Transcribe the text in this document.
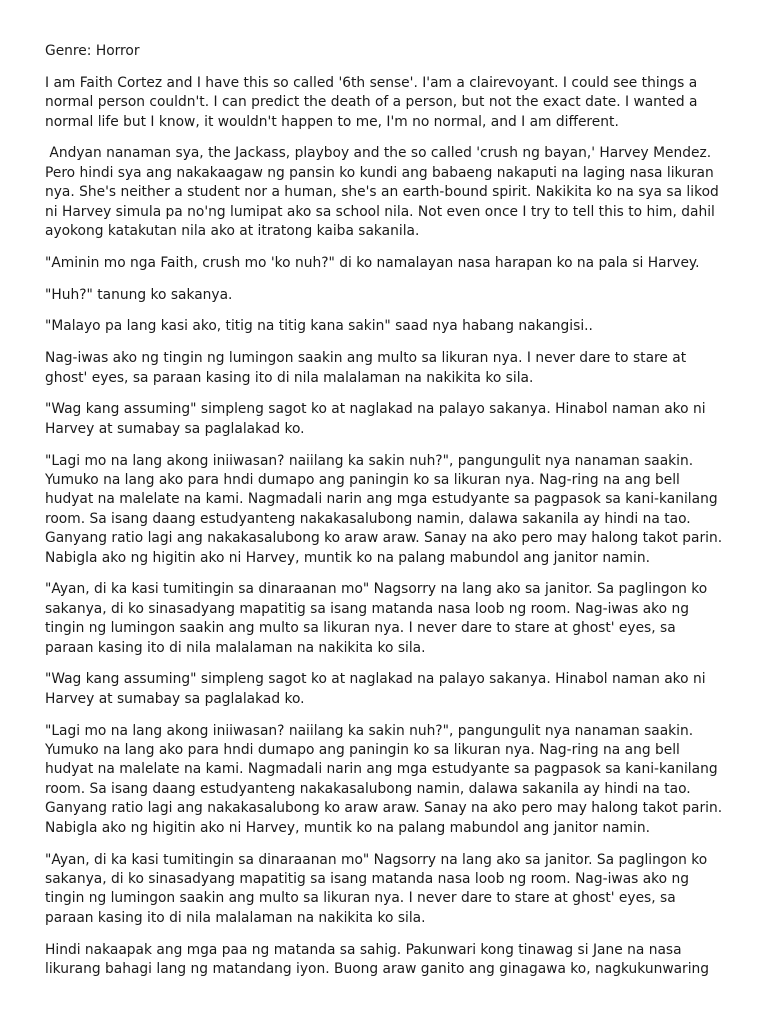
Genre: Horror

I am Faith Cortez and I have this so called '6th sense'. I'am a clairevoyant. I could see things a
normal person couldn't. I can predict the death of a person, but not the exact date. I wanted a
normal life but I know, it wouldn't happen to me, I'm no normal, and I am different.

Andyan nanaman sya, the Jackass, playboy and the so called 'crush ng bayan,' Harvey Mendez.
Pero hindi sya ang nakakaagaw ng pansin ko kundi ang babaeng nakaputi na laging nasa likuran
nya. She's neither a student nor a human, she's an earth-bound spirit. Nakikita ko na sya sa likod
ni Harvey simula pa no'ng lumipat ako sa school nila. Not even once I try to tell this to him, dahil
ayokong katakutan nila ako at itratong kaiba sakanila.

"Aminin mo nga Faith, crush mo 'ko nuh?" di ko namalayan nasa harapan ko na pala si Harvey.

"Huh?" tanung ko sakanya.

"Malayo pa lang kasi ako, titig na titig kana sakin" saad nya habang nakangisi..

Nag-iwas ako ng tingin ng lumingon saakin ang multo sa likuran nya. I never dare to stare at
ghost' eyes, sa paraan kasing ito di nila malalaman na nakikita ko sila.

"Wag kang assuming" simpleng sagot ko at naglakad na palayo sakanya. Hinabol naman ako ni
Harvey at sumabay sa paglalakad ko.

"Lagi mo na lang akong iniiwasan? naiilang ka sakin nuh?", pangungulit nya nanaman saakin.
Yumuko na lang ako para hndi dumapo ang paningin ko sa likuran nya. Nag-ring na ang bell
hudyat na malelate na kami. Nagmadali narin ang mga estudyante sa pagpasok sa kani-kanilang
room. Sa isang daang estudyanteng nakakasalubong namin, dalawa sakanila ay hindi na tao.
Ganyang ratio lagi ang nakakasalubong ko araw araw. Sanay na ako pero may halong takot parin.
Nabigla ako ng higitin ako ni Harvey, muntik ko na palang mabundol ang janitor namin.

"Ayan, di ka kasi tumitingin sa dinaraanan mo" Nagsorry na lang ako sa janitor. Sa paglingon ko
sakanya, di ko sinasadyang mapatitig sa isang matanda nasa loob ng room. Nag-iwas ako ng
tingin ng lumingon saakin ang multo sa likuran nya. I never dare to stare at ghost' eyes, sa
paraan kasing ito di nila malalaman na nakikita ko sila.

"Wag kang assuming" simpleng sagot ko at naglakad na palayo sakanya. Hinabol naman ako ni
Harvey at sumabay sa paglalakad ko.

"Lagi mo na lang akong iniiwasan? naiilang ka sakin nuh?", pangungulit nya nanaman saakin.
Yumuko na lang ako para hndi dumapo ang paningin ko sa likuran nya. Nag-ring na ang bell
hudyat na malelate na kami. Nagmadali narin ang mga estudyante sa pagpasok sa kani-kanilang
room. Sa isang daang estudyanteng nakakasalubong namin, dalawa sakanila ay hindi na tao.
Ganyang ratio lagi ang nakakasalubong ko araw araw. Sanay na ako pero may halong takot parin.
Nabigla ako ng higitin ako ni Harvey, muntik ko na palang mabundol ang janitor namin.

"Ayan, di ka kasi tumitingin sa dinaraanan mo" Nagsorry na lang ako sa janitor. Sa paglingon ko
sakanya, di ko sinasadyang mapatitig sa isang matanda nasa loob ng room. Nag-iwas ako ng
tingin ng lumingon saakin ang multo sa likuran nya. I never dare to stare at ghost' eyes, sa
paraan kasing ito di nila malalaman na nakikita ko sila.

Hindi nakaapak ang mga paa ng matanda sa sahig. Pakunwari kong tinawag si Jane na nasa
likurang bahagi lang ng matandang iyon. Buong araw ganito ang ginagawa ko, nagkukunwaring
